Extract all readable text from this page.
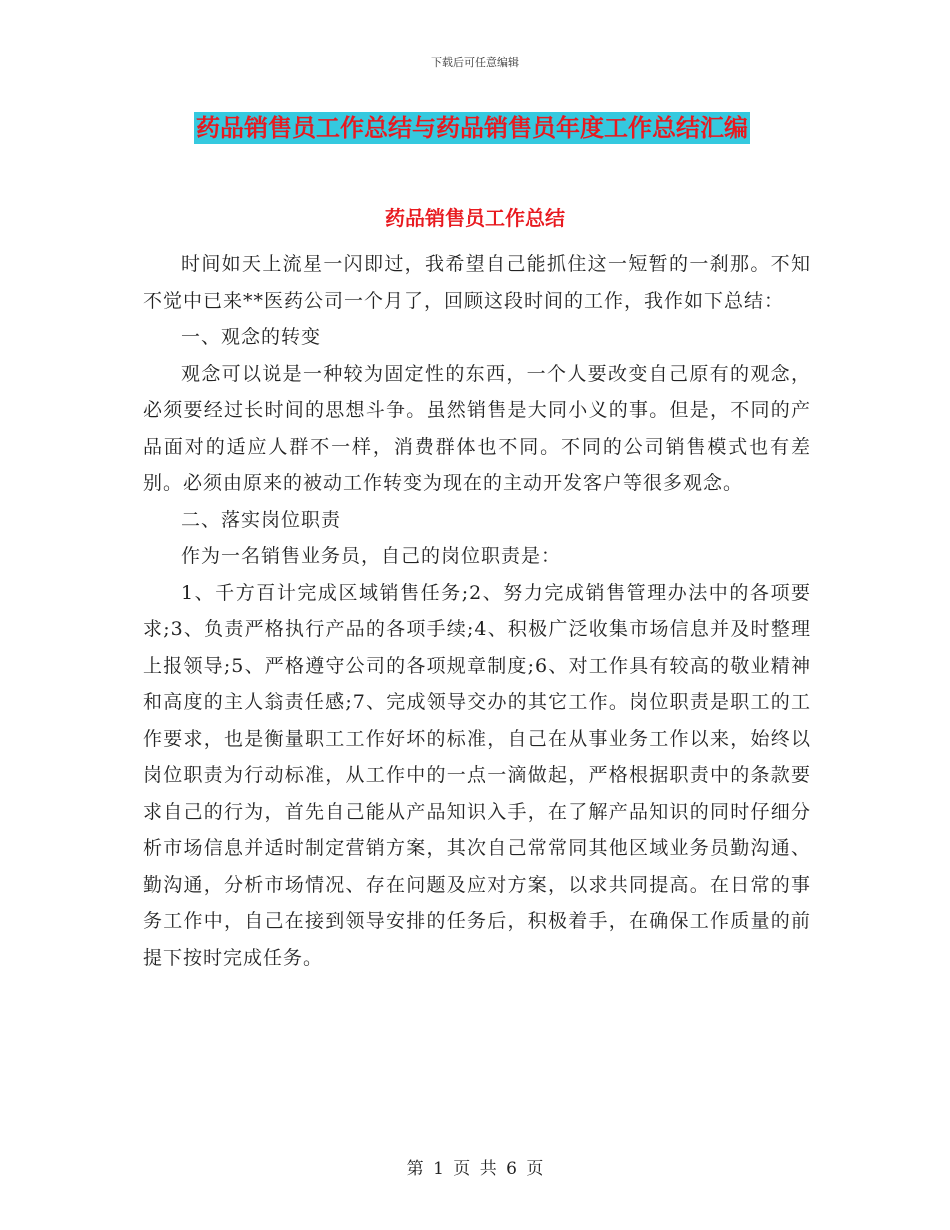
下载后可任意编辑
药品销售员工作总结与药品销售员年度工作总结汇编
药品销售员工作总结

时间如天上流星一闪即过，我希望自己能抓住这一短暂的一刹那。不知不觉中已来**医药公司一个月了，回顾这段时间的工作，我作如下总结：

一、观念的转变

观念可以说是一种较为固定性的东西，一个人要改变自己原有的观念，必须要经过长时间的思想斗争。虽然销售是大同小义的事。但是，不同的产品面对的适应人群不一样，消费群体也不同。不同的公司销售模式也有差别。必须由原来的被动工作转变为现在的主动开发客户等很多观念。

二、落实岗位职责

作为一名销售业务员，自己的岗位职责是：

1、千方百计完成区域销售任务;2、努力完成销售管理办法中的各项要求;3、负责严格执行产品的各项手续;4、积极广泛收集市场信息并及时整理上报领导;5、严格遵守公司的各项规章制度;6、对工作具有较高的敬业精神和高度的主人翁责任感;7、完成领导交办的其它工作。岗位职责是职工的工作要求，也是衡量职工工作好坏的标准，自己在从事业务工作以来，始终以岗位职责为行动标准，从工作中的一点一滴做起，严格根据职责中的条款要求自己的行为，首先自己能从产品知识入手，在了解产品知识的同时仔细分析市场信息并适时制定营销方案，其次自己常常同其他区域业务员勤沟通、勤沟通，分析市场情况、存在问题及应对方案，以求共同提高。在日常的事务工作中，自己在接到领导安排的任务后，积极着手，在确保工作质量的前提下按时完成任务。

第 1 页 共 6 页
